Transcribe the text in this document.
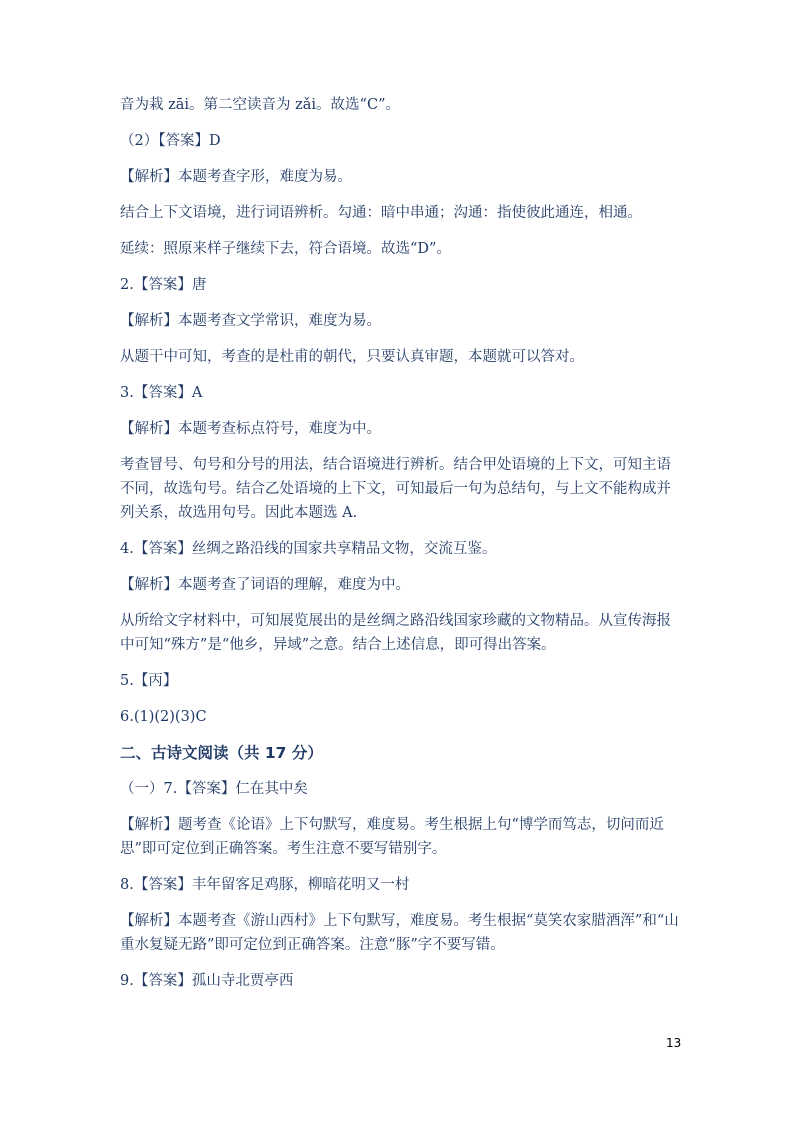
音为栽 zāi。第二空读音为 zǎi。故选“C”。

（2）【答案】D

【解析】本题考查字形，难度为易。

结合上下文语境，进行词语辨析。勾通：暗中串通；沟通：指使彼此通连，相通。

延续：照原来样子继续下去，符合语境。故选“D”。

2.【答案】唐

【解析】本题考查文学常识，难度为易。

从题干中可知，考查的是杜甫的朝代，只要认真审题，本题就可以答对。

3.【答案】A

【解析】本题考查标点符号，难度为中。

考查冒号、句号和分号的用法，结合语境进行辨析。结合甲处语境的上下文，可知主语不同，故选句号。结合乙处语境的上下文，可知最后一句为总结句，与上文不能构成并列关系，故选用句号。因此本题选 A.

4.【答案】丝绸之路沿线的国家共享精品文物，交流互鉴。

【解析】本题考查了词语的理解，难度为中。

从所给文字材料中，可知展览展出的是丝绸之路沿线国家珍藏的文物精品。从宣传海报中可知“殊方”是“他乡，异域”之意。结合上述信息，即可得出答案。

5.【丙】

6.(1)(2)(3)C

二、古诗文阅读（共 17 分）

（一）7.【答案】仁在其中矣

【解析】题考查《论语》上下句默写，难度易。考生根据上句“博学而笃志，切问而近思”即可定位到正确答案。考生注意不要写错别字。

8.【答案】丰年留客足鸡豚，柳暗花明又一村

【解析】本题考查《游山西村》上下句默写，难度易。考生根据“莫笑农家腊酒浑”和“山重水复疑无路”即可定位到正确答案。注意“豚”字不要写错。

9.【答案】孤山寺北贾亭西

13
